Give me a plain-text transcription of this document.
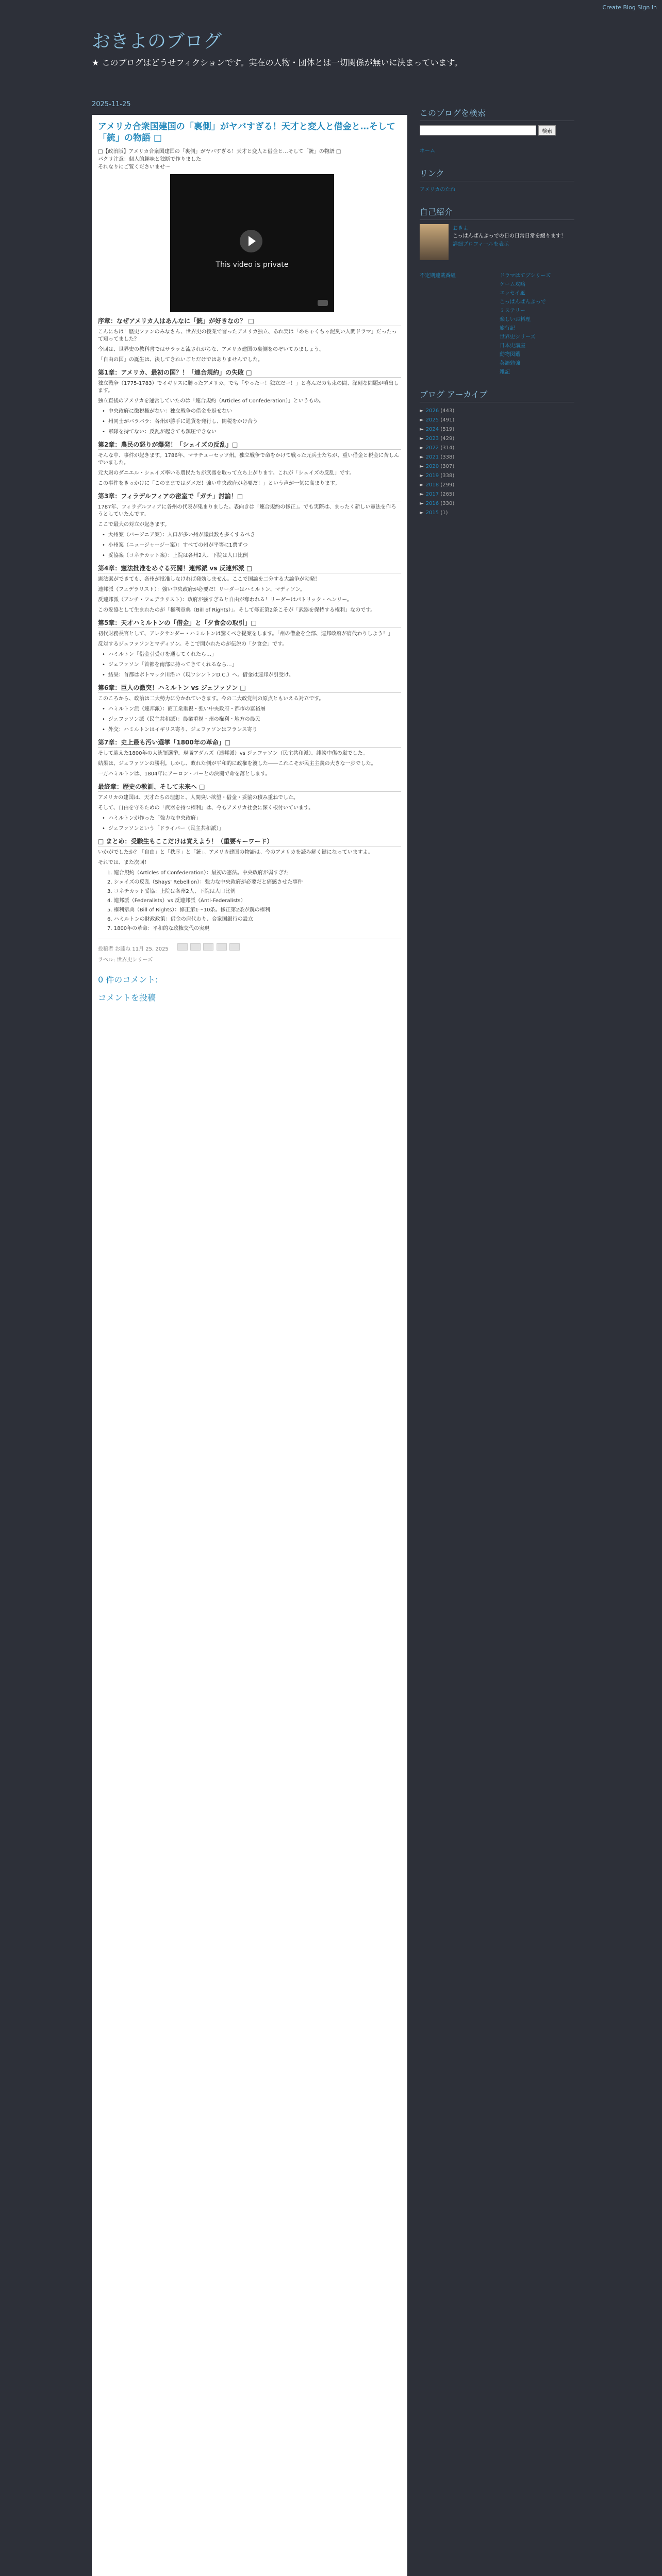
Create Blog Sign In
おきよのブログ
★ このブログはどうせフィクションです。実在の人物・団体とは一切関係が無いに決まっています。
2025-11-25
アメリカ合衆国建国の「裏側」がヤバすぎる！天才と変人と借金と…そして「銃」の物語 □
□【政治版】アメリカ合衆国建国の「裏側」がヤバすぎる！天才と変人と借金と…そして「銃」の物語 □
パクリ注意：個人的趣味と独断で作りました
それなりにご覧くださいませ〜
This video is private
序章：なぜアメリカ人はあんなに「銃」が好きなの？ □

こんにちは！歴史ファンのみなさん、世界史の授業で習ったアメリカ独立、あれ実は「めちゃくちゃ泥臭い人間ドラマ」だったって知ってました？

今回は、世界史の教科書ではサラッと流されがちな、アメリカ建国の裏側をのぞいてみましょう。

「自由の国」の誕生は、決してきれいごとだけではありませんでした。

第1章：アメリカ、最初の国？！「連合規約」の失敗 □

独立戦争（1775-1783）でイギリスに勝ったアメリカ。でも「やったー！独立だー！」と喜んだのも束の間、深刻な問題が噴出します。

独立直後のアメリカを運営していたのは「連合規約（Articles of Confederation）」というもの。

• 中央政府に徴税権がない：独立戦争の借金を返せない
• 州同士がバラバラ：各州が勝手に通貨を発行し、関税をかけ合う
• 軍隊を持てない：反乱が起きても鎮圧できない
第2章：農民の怒りが爆発！「シェイズの反乱」□

そんな中、事件が起きます。1786年、マサチューセッツ州。独立戦争で命をかけて戦った元兵士たちが、重い借金と税金に苦しんでいました。

元大尉のダニエル・シェイズ率いる農民たちが武器を取って立ち上がります。これが「シェイズの反乱」です。

この事件をきっかけに「このままではダメだ！強い中央政府が必要だ！」という声が一気に高まります。

第3章：フィラデルフィアの密室で「ガチ」討論！□

1787年、フィラデルフィアに各州の代表が集まりました。表向きは「連合規約の修正」。でも実際は、まったく新しい憲法を作ろうとしていたんです。

ここで最大の対立が起きます。

• 大州案（バージニア案）：人口が多い州が議員数も多くするべき
• 小州案（ニュージャージー案）：すべての州が平等に1票ずつ
• 妥協案（コネチカット案）：上院は各州2人、下院は人口比例
第4章：憲法批准をめぐる死闘！連邦派 vs 反連邦派 □

憲法案ができても、各州が批准しなければ発効しません。ここで国論を二分する大論争が勃発！

連邦派（フェデラリスト）：強い中央政府が必要だ！リーダーはハミルトン、マディソン。

反連邦派（アンチ・フェデラリスト）：政府が強すぎると自由が奪われる！リーダーはパトリック・ヘンリー。

この妥協として生まれたのが「権利章典（Bill of Rights）」。そして修正第2条こそが「武器を保持する権利」なのです。

第5章：天才ハミルトンの「借金」と「夕食会の取引」□

初代財務長官として、アレクサンダー・ハミルトンは驚くべき提案をします。「州の借金を全部、連邦政府が肩代わりしよう！」

反対するジェファソンとマディソン。そこで開かれたのが伝説の「夕食会」です。

• ハミルトン「借金引受けを通してくれたら…」
• ジェファソン「首都を南部に持ってきてくれるなら…」
• 結果：首都はポトマック川沿い（現ワシントンD.C.）へ。借金は連邦が引受け。
第6章：巨人の激突！ハミルトン vs ジェファソン □

このころから、政治は二大勢力に分かれていきます。今の二大政党制の原点ともいえる対立です。

• ハミルトン派（連邦派）：商工業重視・強い中央政府・都市の富裕層
• ジェファソン派（民主共和派）：農業重視・州の権利・地方の農民
• 外交：ハミルトンはイギリス寄り、ジェファソンはフランス寄り
第7章：史上最も汚い選挙「1800年の革命」□

そして迎えた1800年の大統領選挙。現職アダムズ（連邦派）vs ジェファソン（民主共和派）。誹謗中傷の嵐でした。

結果は、ジェファソンの勝利。しかし、敗れた側が平和的に政権を渡した――これこそが民主主義の大きな一歩でした。

一方ハミルトンは、1804年にアーロン・バーとの決闘で命を落とします。

最終章：歴史の教訓、そして未来へ □

アメリカの建国は、天才たちの理想と、人間臭い欲望・借金・妥協の積み重ねでした。

そして、自由を守るための「武器を持つ権利」は、今もアメリカ社会に深く根付いています。

• ハミルトンが作った「強力な中央政府」
• ジェファソンという「ドライバー（民主共和派）」
□ まとめ：受験生もここだけは覚えよう！（重要キーワード）

いかがでしたか？「自由」と「秩序」と「銃」。アメリカ建国の物語は、今のアメリカを読み解く鍵になっていますよ。

それでは、また次回！

1. 連合規約（Articles of Confederation）：最初の憲法。中央政府が弱すぎた
2. シェイズの反乱（Shays' Rebellion）：強力な中央政府が必要だと痛感させた事件
3. コネチカット妥協：上院は各州2人、下院は人口比例
4. 連邦派（Federalists）vs 反連邦派（Anti-Federalists）
5. 権利章典（Bill of Rights）：修正第1〜10条。修正第2条が銃の権利
6. ハミルトンの財政政策：借金の肩代わり、合衆国銀行の設立
7. 1800年の革命：平和的な政権交代の実現
投稿者 お藤ね 11月 25, 2025
ラベル: 世界史シリーズ
0 件のコメント:
コメントを投稿
このブログを検索
検索
ホーム
リンク
アメリカのたね
自己紹介
おきよ
こっぱんばんぶっでの日の日常日常を綴ります！
詳細プロフィールを表示
不定期連載番組	ドラマはてブシリーズ
ゲーム攻略
エッセイ風
こっぱんばんぶっで
ミステリー
楽しいお料理
旅行記
世界史シリーズ
日本史講座
動物図鑑
英語勉強
雑記
ブログ アーカイブ
► 2026 (443)
► 2025 (491)
► 2024 (519)
► 2023 (429)
► 2022 (314)
► 2021 (338)
► 2020 (307)
► 2019 (338)
► 2018 (299)
► 2017 (265)
► 2016 (330)
► 2015 (1)
